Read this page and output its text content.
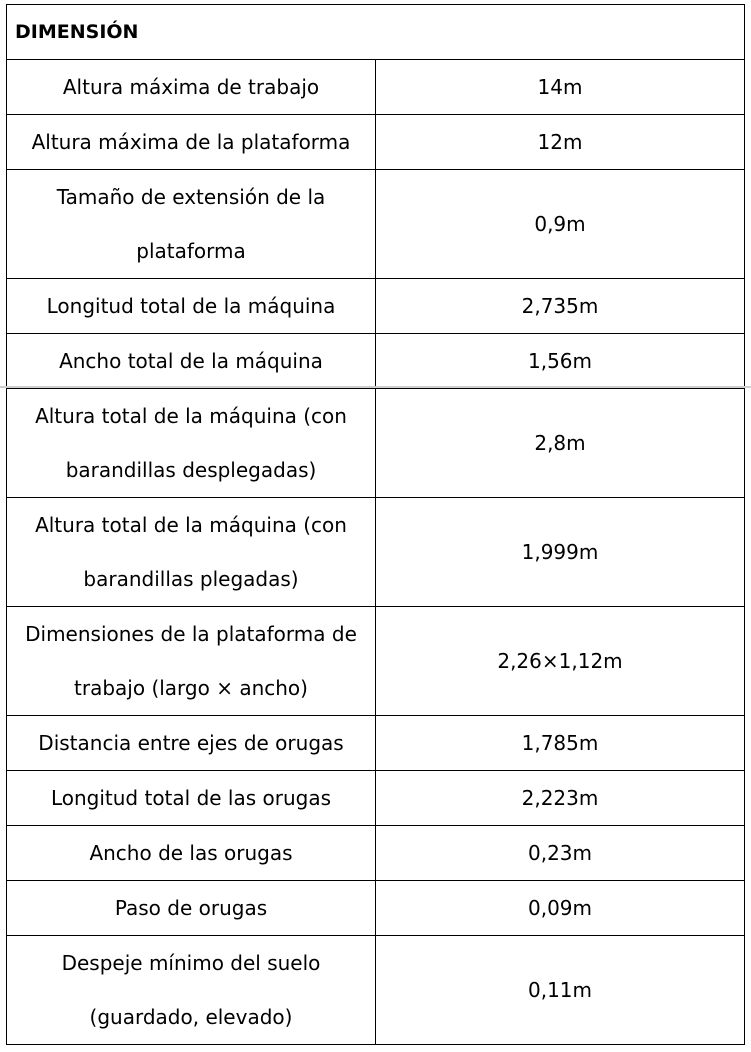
DIMENSIÓN	
Altura máxima de trabajo	14m
Altura máxima de la plataforma	12m
Tamaño de extensión de la plataforma	0,9m
Longitud total de la máquina	2,735m
Ancho total de la máquina	1,56m
Altura total de la máquina (con barandillas desplegadas)	2,8m
Altura total de la máquina (con barandillas plegadas)	1,999m
Dimensiones de la plataforma de trabajo (largo × ancho)	2,26×1,12m
Distancia entre ejes de orugas	1,785m
Longitud total de las orugas	2,223m
Ancho de las orugas	0,23m
Paso de orugas	0,09m
Despeje mínimo del suelo (guardado, elevado)	0,11m
